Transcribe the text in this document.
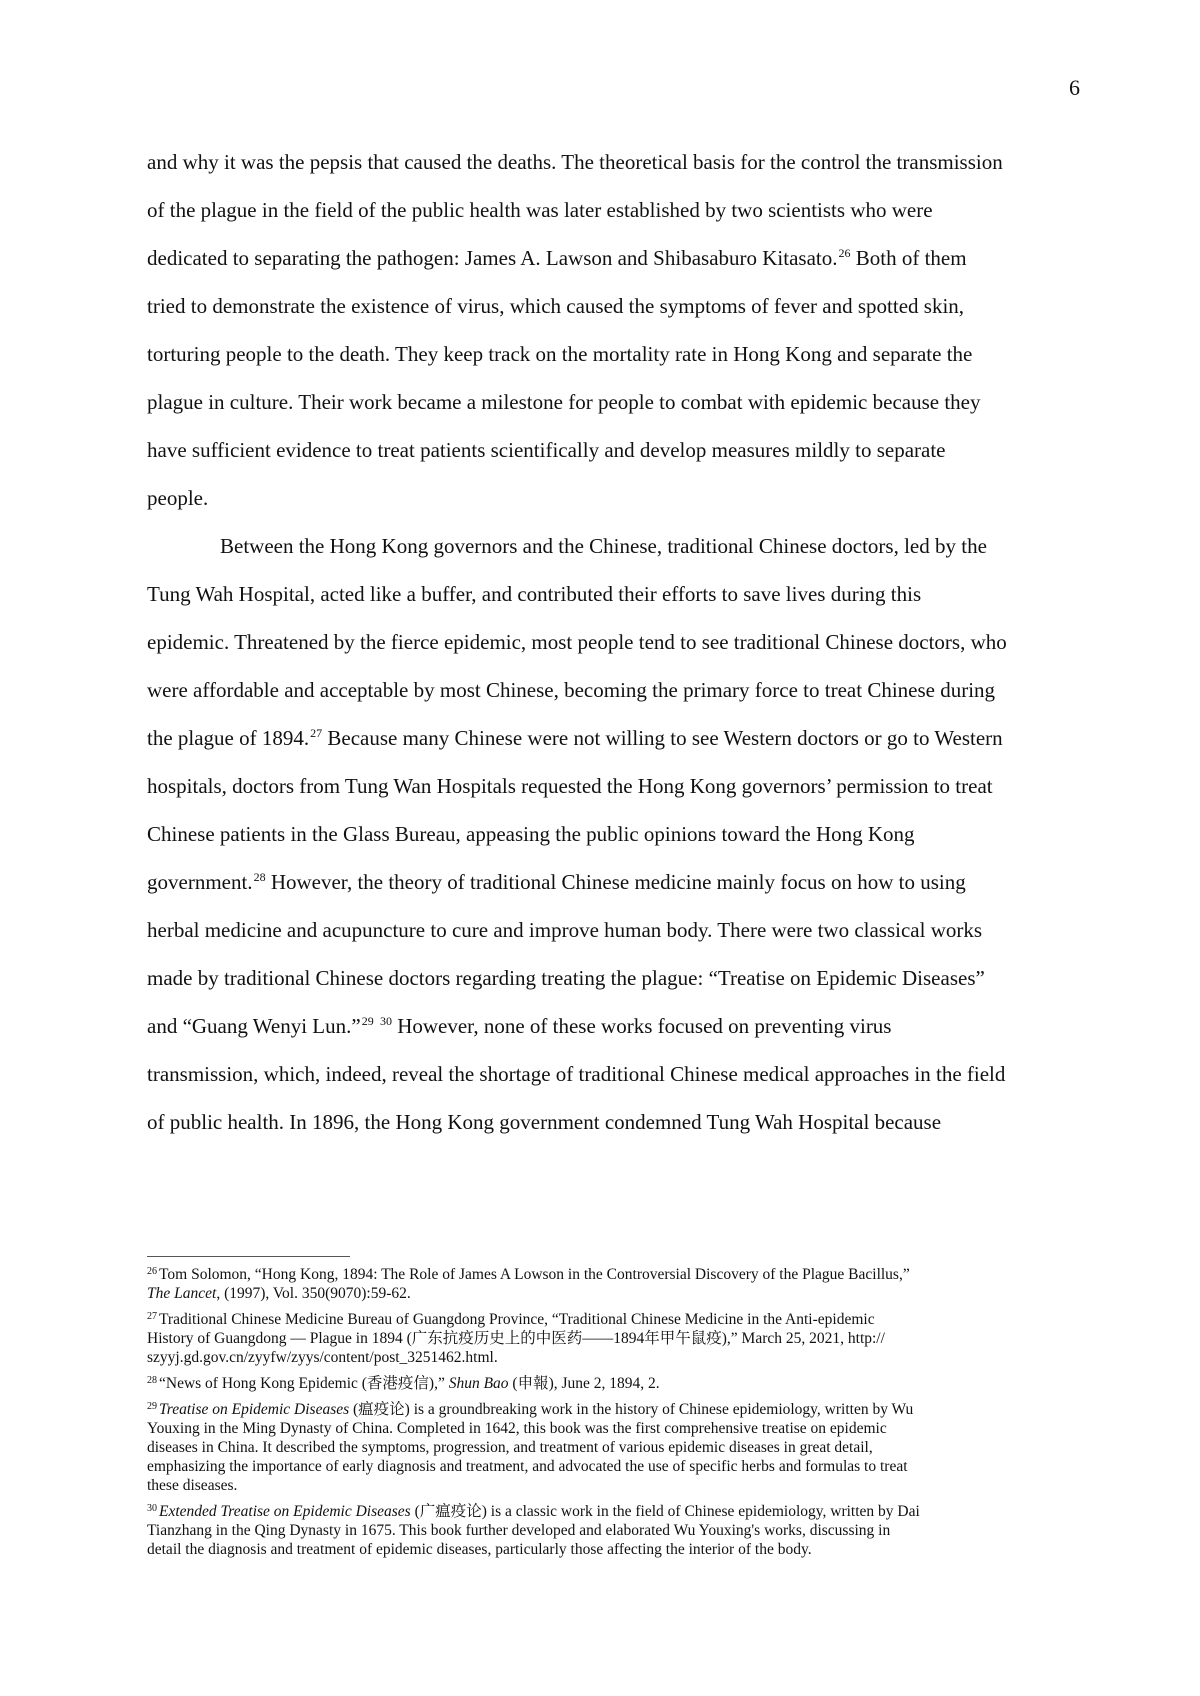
6

and why it was the pepsis that caused the deaths. The theoretical basis for the control the transmission
of the plague in the field of the public health was later established by two scientists who were
dedicated to separating the pathogen: James A. Lawson and Shibasaburo Kitasato.$^{26}$ Both of them
tried to demonstrate the existence of virus, which caused the symptoms of fever and spotted skin,
torturing people to the death. They keep track on the mortality rate in Hong Kong and separate the
plague in culture. Their work became a milestone for people to combat with epidemic because they
have sufficient evidence to treat patients scientifically and develop measures mildly to separate
people.

Between the Hong Kong governors and the Chinese, traditional Chinese doctors, led by the
Tung Wah Hospital, acted like a buffer, and contributed their efforts to save lives during this
epidemic. Threatened by the fierce epidemic, most people tend to see traditional Chinese doctors, who
were affordable and acceptable by most Chinese, becoming the primary force to treat Chinese during
the plague of 1894.27 Because many Chinese were not willing to see Western doctors or go to Western
hospitals, doctors from Tung Wan Hospitals requested the Hong Kong governors’ permission to treat
Chinese patients in the Glass Bureau, appeasing the public opinions toward the Hong Kong
government.$^{28}$ However, the theory of traditional Chinese medicine mainly focus on how to using
herbal medicine and acupuncture to cure and improve human body. There were two classical works
made by traditional Chinese doctors regarding treating the plague: “Treatise on Epidemic Diseases”
and “Guang Wenyi Lun.”$^{29}$ $^{30}$ However, none of these works focused on preventing virus
transmission, which, indeed, reveal the shortage of traditional Chinese medical approaches in the field
of public health. In 1896, the Hong Kong government condemned Tung Wah Hospital because

$^{26}$ Tom Solomon, “Hong Kong, 1894: The Role of James A Lowson in the Controversial Discovery of the Plague Bacillus,”
The Lancet, (1997), Vol. 350(9070):59-62.
$^{27}$ Traditional Chinese Medicine Bureau of Guangdong Province, “Traditional Chinese Medicine in the Anti-epidemic
History of Guangdong — Plague in 1894 (广东抗疫历史上的中医药——1894年甲午鼠疫),” March 25, 2021, http://
szyyj.gd.gov.cn/zyyfw/zyys/content/post_3251462.html.
$^{28}$ “News of Hong Kong Epidemic (香港疫信),” Shun Bao (申報), June 2, 1894, 2.
$^{29}$ Treatise on Epidemic Diseases (瘟疫论) is a groundbreaking work in the history of Chinese epidemiology, written by Wu
Youxing in the Ming Dynasty of China. Completed in 1642, this book was the first comprehensive treatise on epidemic
diseases in China. It described the symptoms, progression, and treatment of various epidemic diseases in great detail,
emphasizing the importance of early diagnosis and treatment, and advocated the use of specific herbs and formulas to treat
these diseases.
$^{30}$ Extended Treatise on Epidemic Diseases (广瘟疫论) is a classic work in the field of Chinese epidemiology, written by Dai
Tianzhang in the Qing Dynasty in 1675. This book further developed and elaborated Wu Youxing's works, discussing in
detail the diagnosis and treatment of epidemic diseases, particularly those affecting the interior of the body.
